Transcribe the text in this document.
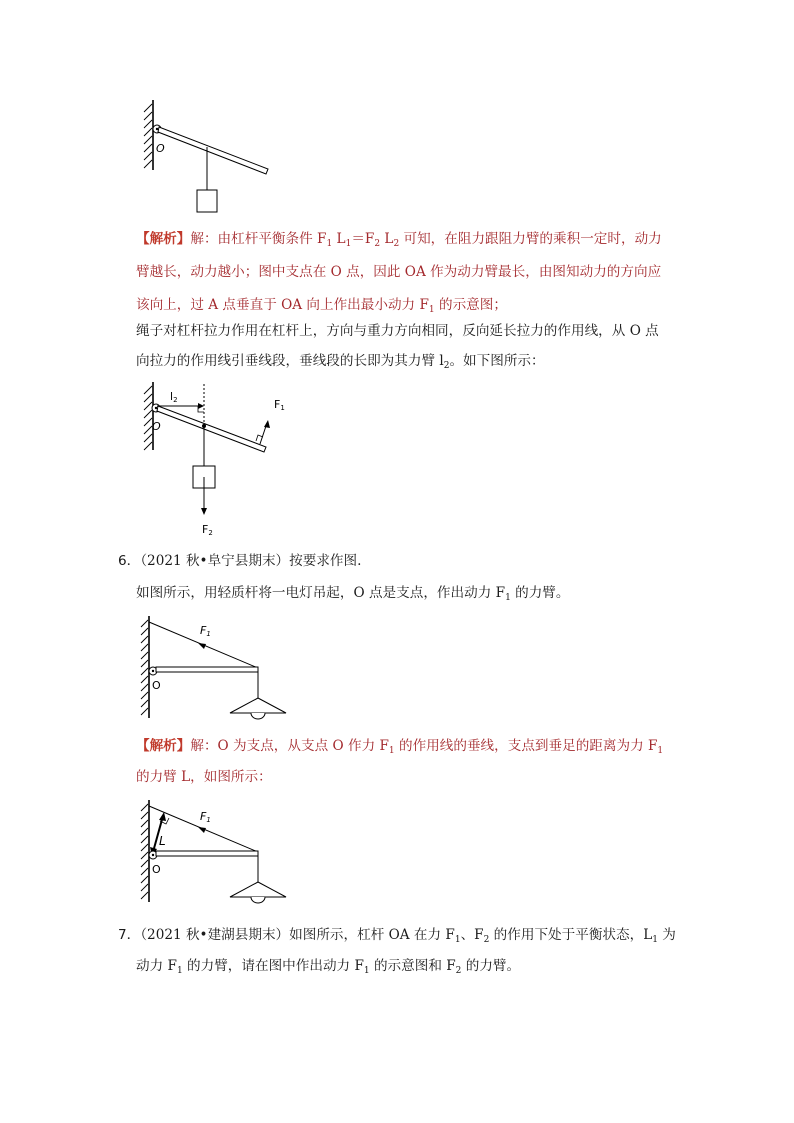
O
【解析】解：由杠杆平衡条件 $F_1$ $L_1=F_2$ $L_2$ 可知，在阻力跟阻力臂的乘积一定时，动力
臂越长，动力越小；图中支点在 O 点，因此 OA 作为动力臂最长，由图知动力的方向应
该向上，过 A 点垂直于 OA 向上作出最小动力 $F_1$ 的示意图；
绳子对杠杆拉力作用在杠杆上，方向与重力方向相同，反向延长拉力的作用线，从 O 点
向拉力的作用线引垂线段，垂线段的长即为其力臂 $l_2$。如下图所示：
O
l2	F1
F2
6．（2021 秋•阜宁县期末）按要求作图.
如图所示，用轻质杆将一电灯吊起，O 点是支点，作出动力 $F_1$ 的力臂。
O
F1
【解析】解：O 为支点，从支点 O 作力 $F_1$ 的作用线的垂线，支点到垂足的距离为力 $F_1$
的力臂 L，如图所示：
O
L
F1
7．（2021 秋•建湖县期末）如图所示，杠杆 OA 在力 $F_1$、$F_2$ 的作用下处于平衡状态，$L_1$ 为
动力 $F_1$ 的力臂，请在图中作出动力 $F_1$ 的示意图和 $F_2$ 的力臂。
